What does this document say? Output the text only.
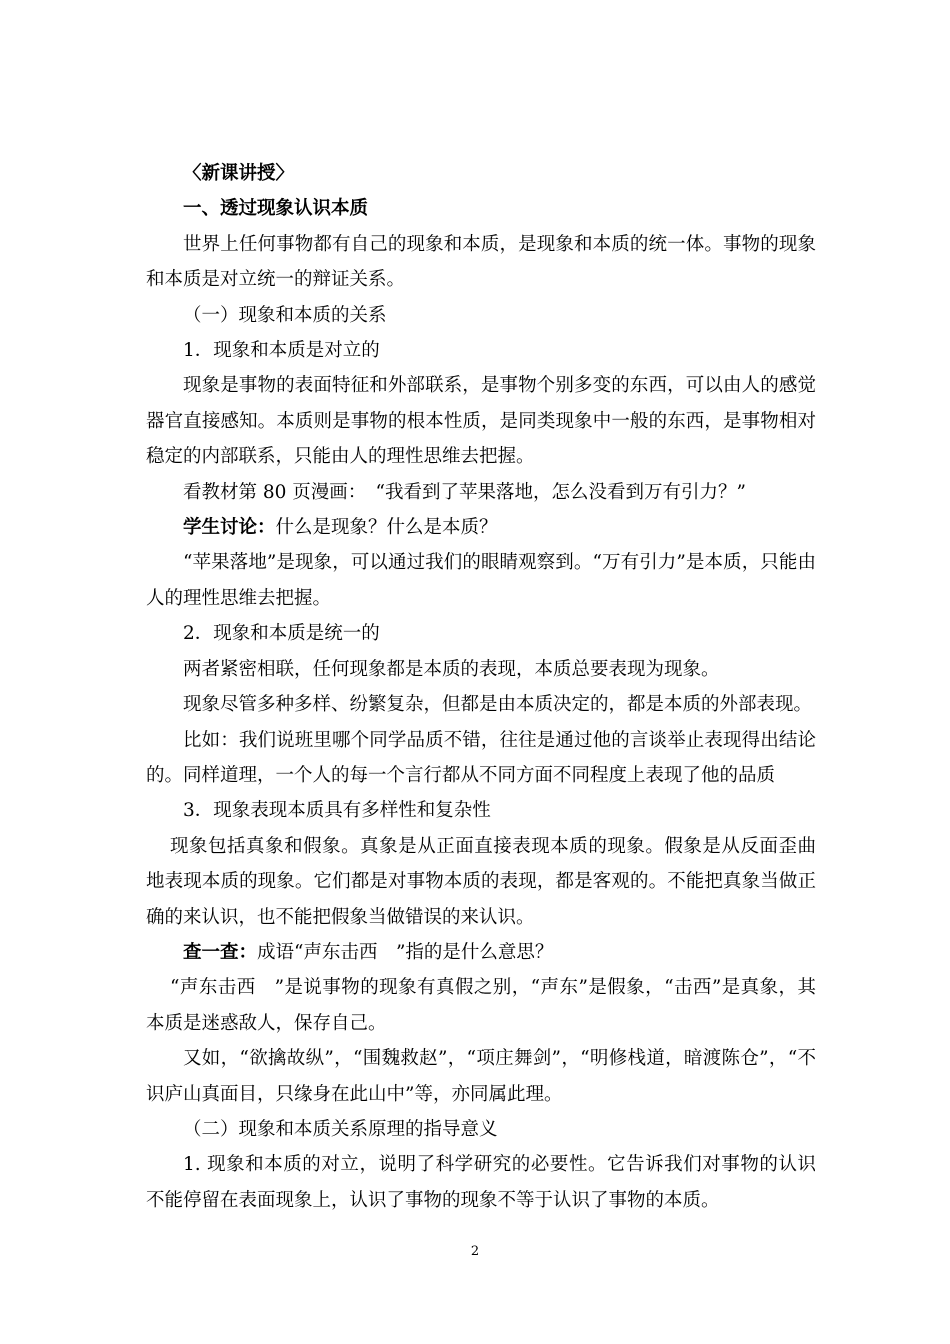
〈新课讲授〉

一、透过现象认识本质

世界上任何事物都有自己的现象和本质，是现象和本质的统一体。事物的现象和本质是对立统一的辩证关系。

（一）现象和本质的关系

1．现象和本质是对立的

现象是事物的表面特征和外部联系，是事物个别多变的东西，可以由人的感觉器官直接感知。本质则是事物的根本性质，是同类现象中一般的东西，是事物相对稳定的内部联系，只能由人的理性思维去把握。

看教材第 80 页漫画：　“我看到了苹果落地，怎么没看到万有引力？”

学生讨论：什么是现象？什么是本质？

“苹果落地”是现象，可以通过我们的眼睛观察到。“万有引力”是本质，只能由人的理性思维去把握。

2．现象和本质是统一的

两者紧密相联，任何现象都是本质的表现，本质总要表现为现象。

现象尽管多种多样、纷繁复杂，但都是由本质决定的，都是本质的外部表现。

比如：我们说班里哪个同学品质不错，往往是通过他的言谈举止表现得出结论的。同样道理，一个人的每一个言行都从不同方面不同程度上表现了他的品质

3．现象表现本质具有多样性和复杂性

现象包括真象和假象。真象是从正面直接表现本质的现象。假象是从反面歪曲地表现本质的现象。它们都是对事物本质的表现，都是客观的。不能把真象当做正确的来认识，也不能把假象当做错误的来认识。

查一查：成语“声东击西　”指的是什么意思？

“声东击西　”是说事物的现象有真假之别，“声东”是假象，“击西”是真象，其本质是迷惑敌人，保存自己。

又如，“欲擒故纵”，“围魏救赵”，“项庄舞剑”，“明修栈道，暗渡陈仓”，“不识庐山真面目，只缘身在此山中”等，亦同属此理。

（二）现象和本质关系原理的指导意义

1. 现象和本质的对立，说明了科学研究的必要性。它告诉我们对事物的认识不能停留在表面现象上，认识了事物的现象不等于认识了事物的本质。

2
